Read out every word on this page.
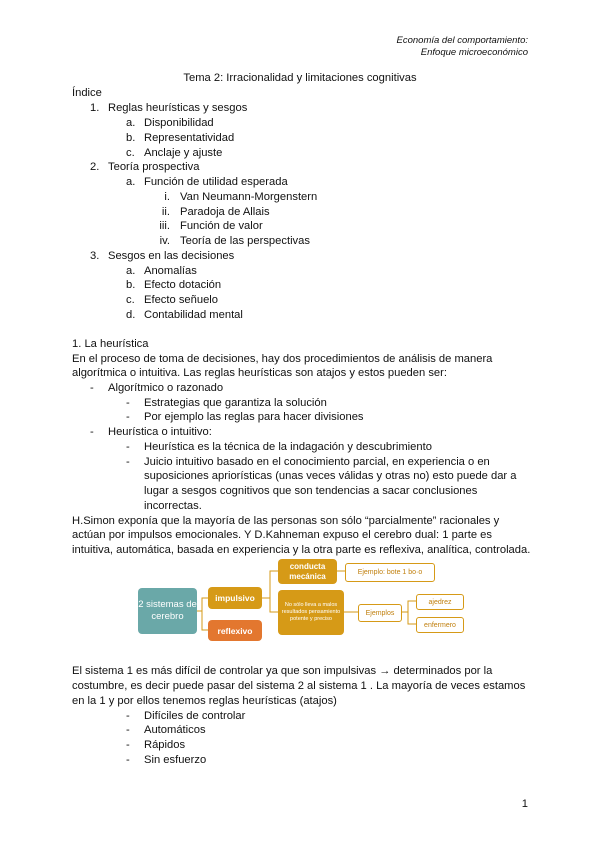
Economía del comportamiento:
Enfoque microeconómico
Tema 2: Irracionalidad y limitaciones cognitivas
Índice
1. Reglas heurísticas y sesgos
a. Disponibilidad
b. Representatividad
c. Anclaje y ajuste
2. Teoría prospectiva
a. Función de utilidad esperada
i. Van Neumann-Morgenstern
ii. Paradoja de Allais
iii. Función de valor
iv. Teoría de las perspectivas
3. Sesgos en las decisiones
a. Anomalías
b. Efecto dotación
c. Efecto señuelo
d. Contabilidad mental
1. La heurística
En el proceso de toma de decisiones, hay dos procedimientos de análisis de manera
algorítmica o intuitiva. Las reglas heurísticas son atajos y estos pueden ser:
- Algorítmico o razonado
- Estrategias que garantiza la solución
- Por ejemplo las reglas para hacer divisiones
- Heurística o intuitivo:
- Heurística es la técnica de la indagación y descubrimiento
- Juicio intuitivo basado en el conocimiento parcial, en experiencia o en
suposiciones apriorísticas (unas veces válidas y otras no) esto puede dar a
lugar a sesgos cognitivos que son tendencias a sacar conclusiones
incorrectas.
H.Simon exponía que la mayoría de las personas son sólo “parcialmente” racionales y
actúan por impulsos emocionales. Y D.Kahneman expuso el cerebro dual: 1 parte es
intuitiva, automática, basada en experiencia y la otra parte es reflexiva, analítica, controlada.
2 sistemas de cerebro
impulsivo
reflexivo
conducta mecánica	Ejemplo: bote 1 bo·o
No sólo lleva a malos resultados pensamiento potente y preciso
Ejemplos
ajedrez
enfermero
El sistema 1 es más difícil de controlar ya que son impulsivas → determinados por la
costumbre, es decir puede pasar del sistema 2 al sistema 1 . La mayoría de veces estamos
en la 1 y por ellos tenemos reglas heurísticas (atajos)
- Difíciles de controlar
- Automáticos
- Rápidos
- Sin esfuerzo
1
